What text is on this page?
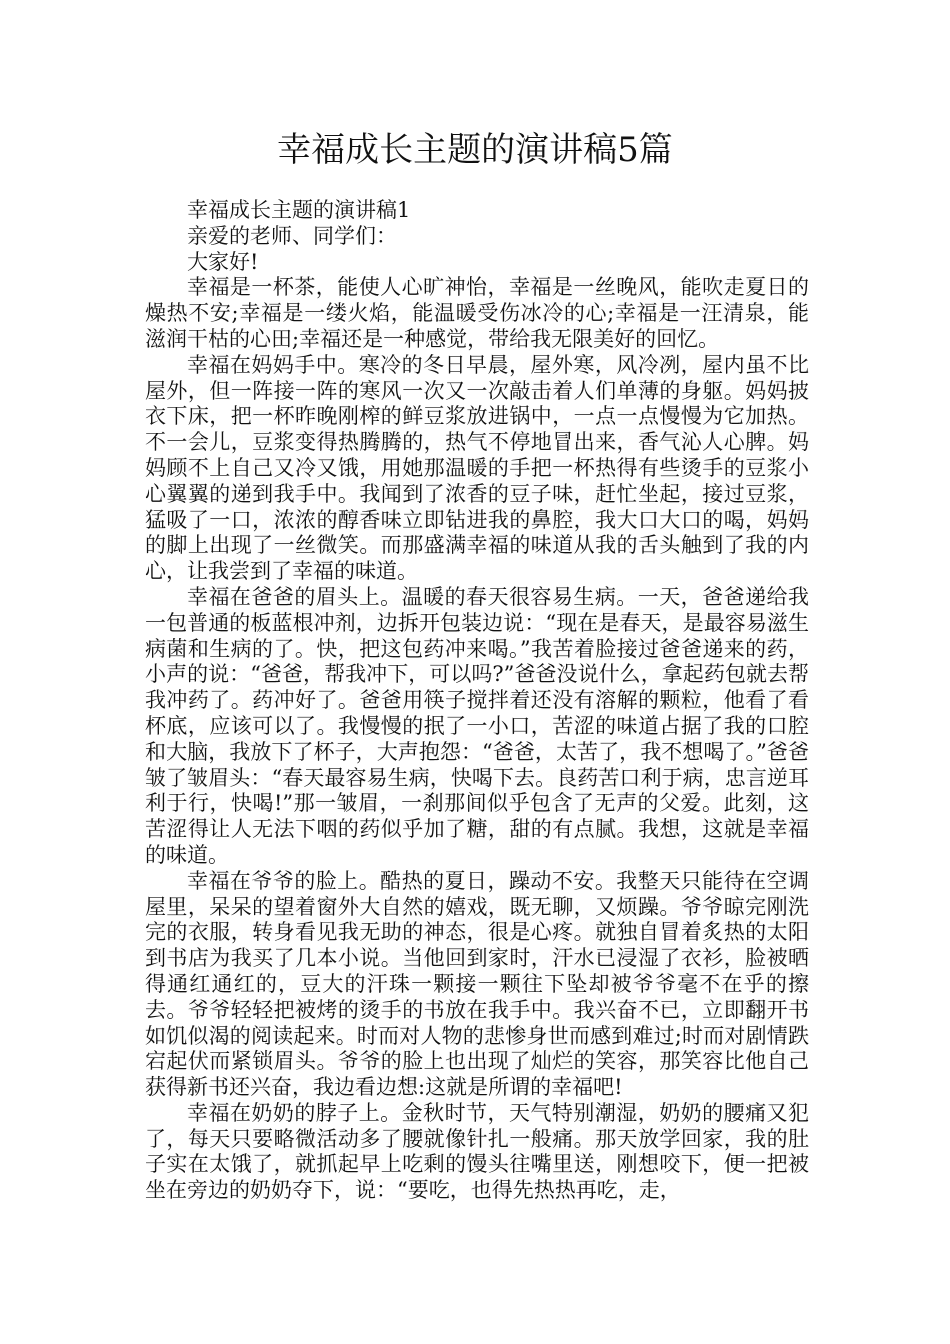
幸福成长主题的演讲稿5篇

幸福成长主题的演讲稿1

亲爱的老师、同学们：

大家好!

幸福是一杯茶，能使人心旷神怡，幸福是一丝晚风，能吹走夏日的燥热不安;幸福是一缕火焰，能温暖受伤冰冷的心;幸福是一汪清泉，能滋润干枯的心田;幸福还是一种感觉，带给我无限美好的回忆。

幸福在妈妈手中。寒冷的冬日早晨，屋外寒，风冷冽，屋内虽不比屋外，但一阵接一阵的寒风一次又一次敲击着人们单薄的身躯。妈妈披衣下床，把一杯昨晚刚榨的鲜豆浆放进锅中，一点一点慢慢为它加热。不一会儿，豆浆变得热腾腾的，热气不停地冒出来，香气沁人心脾。妈妈顾不上自己又冷又饿，用她那温暖的手把一杯热得有些烫手的豆浆小心翼翼的递到我手中。我闻到了浓香的豆子味，赶忙坐起，接过豆浆，猛吸了一口，浓浓的醇香味立即钻进我的鼻腔，我大口大口的喝，妈妈的脚上出现了一丝微笑。而那盛满幸福的味道从我的舌头触到了我的内心，让我尝到了幸福的味道。

幸福在爸爸的眉头上。温暖的春天很容易生病。一天，爸爸递给我一包普通的板蓝根冲剂，边拆开包装边说：“现在是春天，是最容易滋生病菌和生病的了。快，把这包药冲来喝。”我苦着脸接过爸爸递来的药，小声的说：“爸爸，帮我冲下，可以吗?”爸爸没说什么，拿起药包就去帮我冲药了。药冲好了。爸爸用筷子搅拌着还没有溶解的颗粒，他看了看杯底，应该可以了。我慢慢的抿了一小口，苦涩的味道占据了我的口腔和大脑，我放下了杯子，大声抱怨：“爸爸，太苦了，我不想喝了。”爸爸皱了皱眉头：“春天最容易生病，快喝下去。良药苦口利于病，忠言逆耳利于行，快喝!”那一皱眉，一刹那间似乎包含了无声的父爱。此刻，这苦涩得让人无法下咽的药似乎加了糖，甜的有点腻。我想，这就是幸福的味道。

幸福在爷爷的脸上。酷热的夏日，躁动不安。我整天只能待在空调屋里，呆呆的望着窗外大自然的嬉戏，既无聊，又烦躁。爷爷晾完刚洗完的衣服，转身看见我无助的神态，很是心疼。就独自冒着炙热的太阳到书店为我买了几本小说。当他回到家时，汗水已浸湿了衣衫，脸被晒得通红通红的，豆大的汗珠一颗接一颗往下坠却被爷爷毫不在乎的擦去。爷爷轻轻把被烤的烫手的书放在我手中。我兴奋不已，立即翻开书如饥似渴的阅读起来。时而对人物的悲惨身世而感到难过;时而对剧情跌宕起伏而紧锁眉头。爷爷的脸上也出现了灿烂的笑容，那笑容比他自己获得新书还兴奋，我边看边想:这就是所谓的幸福吧!

幸福在奶奶的脖子上。金秋时节，天气特别潮湿，奶奶的腰痛又犯了，每天只要略微活动多了腰就像针扎一般痛。那天放学回家，我的肚子实在太饿了，就抓起早上吃剩的馒头往嘴里送，刚想咬下，便一把被坐在旁边的奶奶夺下，说：“要吃，也得先热热再吃，走，
